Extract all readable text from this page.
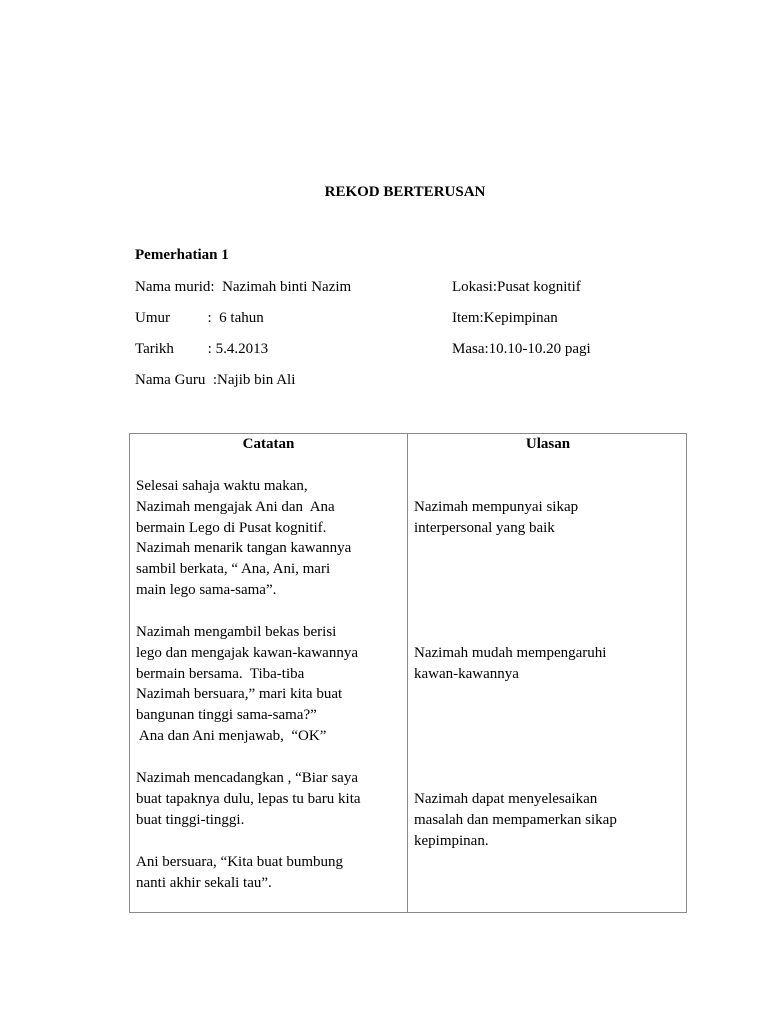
REKOD BERTERUSAN
Pemerhatian 1
Nama murid:  Nazimah binti Nazim
Umur          :  6 tahun
Tarikh         : 5.4.2013
Nama Guru  :Najib bin Ali
Lokasi:Pusat kognitif
Item:Kepimpinan
Masa:10.10-10.20 pagi
Catatan	Ulasan
Selesai sahaja waktu makan,
Nazimah mengajak Ani dan  Ana
bermain Lego di Pusat kognitif.
Nazimah menarik tangan kawannya
sambil berkata, “ Ana, Ani, mari
main lego sama-sama”.
Nazimah mengambil bekas berisi
lego dan mengajak kawan-kawannya
bermain bersama.  Tiba-tiba
Nazimah bersuara,” mari kita buat
bangunan tinggi sama-sama?”
Ana dan Ani menjawab,  “OK”
Nazimah mencadangkan , “Biar saya
buat tapaknya dulu, lepas tu baru kita
buat tinggi-tinggi.
Ani bersuara, “Kita buat bumbung
nanti akhir sekali tau”.
Nazimah mempunyai sikap
interpersonal yang baik
Nazimah mudah mempengaruhi
kawan-kawannya
Nazimah dapat menyelesaikan
masalah dan mempamerkan sikap
kepimpinan.
